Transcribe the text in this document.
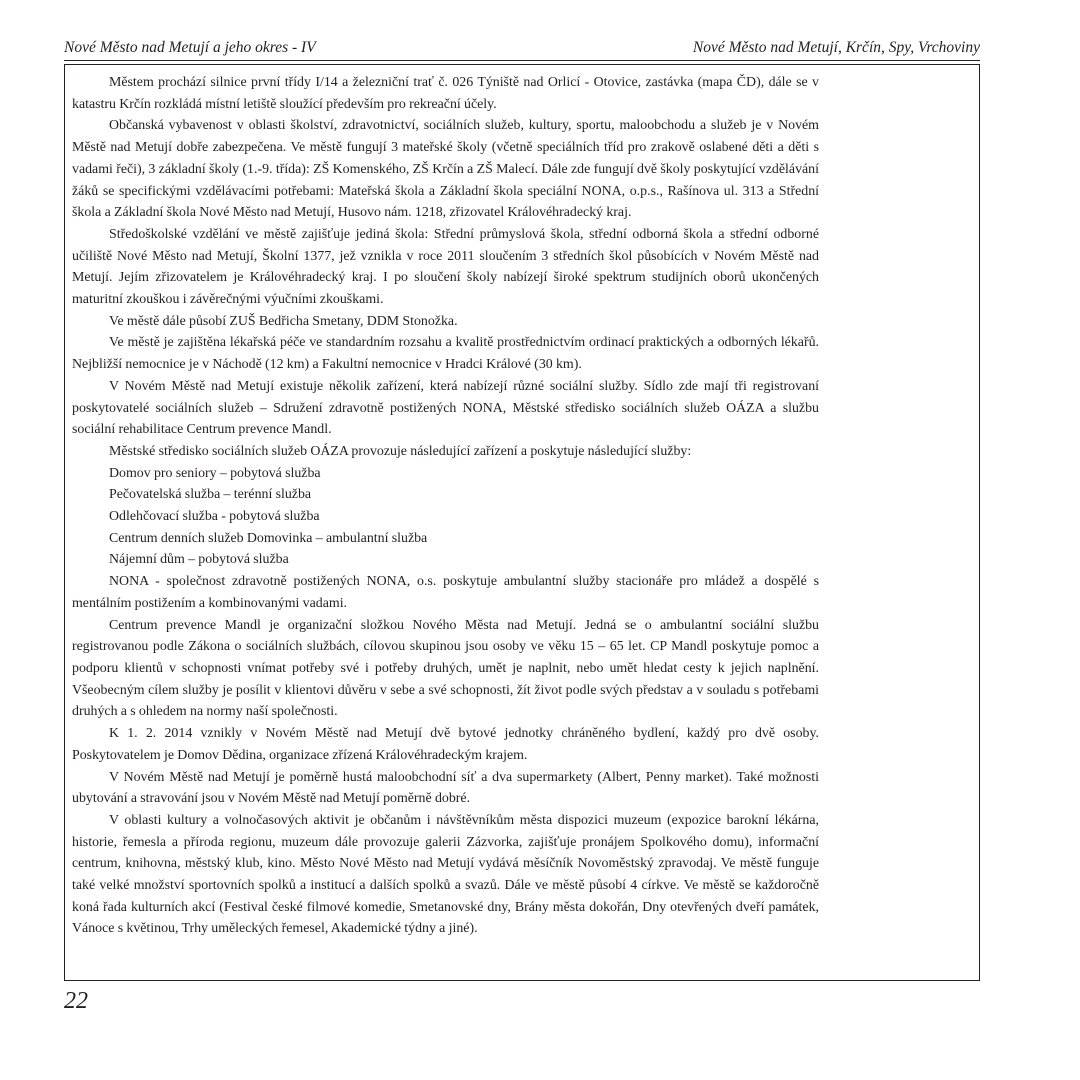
Nové Město nad Metují a jeho okres - IV	Nové Město nad Metují, Krčín, Spy, Vrchoviny

Městem prochází silnice první třídy I/14 a železniční trať č. 026 Týniště nad Orlicí - Otovice, zastávka (mapa ČD), dále se v katastru Krčín rozkládá místní letiště sloužící především pro rekreační účely.

Občanská vybavenost v oblasti školství, zdravotnictví, sociálních služeb, kultury, sportu, maloobchodu a služeb je v Novém Městě nad Metují dobře zabezpečena. Ve městě fungují 3 mateřské školy (včetně speciálních tříd pro zrakově oslabené děti a děti s vadami řeči), 3 základní školy (1.-9. třída): ZŠ Komenského, ZŠ Krčín a ZŠ Malecí. Dále zde fungují dvě školy poskytující vzdělávání žáků se specifickými vzdělávacími potřebami: Mateřská škola a Základní škola speciální NONA, o.p.s., Rašínova ul. 313 a Střední škola a Základní škola Nové Město nad Metují, Husovo nám. 1218, zřizovatel Královéhradecký kraj.

Středoškolské vzdělání ve městě zajišťuje jediná škola: Střední průmyslová škola, střední odborná škola a střední odborné učiliště Nové Město nad Metují, Školní 1377, jež vznikla v roce 2011 sloučením 3 středních škol působících v Novém Městě nad Metují. Jejím zřizovatelem je Královéhradecký kraj. I po sloučení školy nabízejí široké spektrum studijních oborů ukončených maturitní zkouškou i závěrečnými výučními zkouškami.

Ve městě dále působí ZUŠ Bedřicha Smetany, DDM Stonožka.

Ve městě je zajištěna lékařská péče ve standardním rozsahu a kvalitě prostřednictvím ordinací praktických a odborných lékařů. Nejbližší nemocnice je v Náchodě (12 km) a Fakultní nemocnice v Hradci Králové (30 km).

V Novém Městě nad Metují existuje několik zařízení, která nabízejí různé sociální služby. Sídlo zde mají tři registrovaní poskytovatelé sociálních služeb – Sdružení zdravotně postižených NONA, Městské středisko sociálních služeb OÁZA a službu sociální rehabilitace Centrum prevence Mandl.

Městské středisko sociálních služeb OÁZA provozuje následující zařízení a poskytuje následující služby:

Domov pro seniory – pobytová služba

Pečovatelská služba – terénní služba

Odlehčovací služba - pobytová služba

Centrum denních služeb Domovinka – ambulantní služba

Nájemní dům – pobytová služba

NONA - společnost zdravotně postižených NONA, o.s. poskytuje ambulantní služby stacionáře pro mládež a dospělé s mentálním postižením a kombinovanými vadami.

Centrum prevence Mandl je organizační složkou Nového Města nad Metují. Jedná se o ambulantní sociální službu registrovanou podle Zákona o sociálních službách, cílovou skupinou jsou osoby ve věku 15 – 65 let. CP Mandl poskytuje pomoc a podporu klientů v schopnosti vnímat potřeby své i potřeby druhých, umět je naplnit, nebo umět hledat cesty k jejich naplnění. Všeobecným cílem služby je posílit v klientovi důvěru v sebe a své schopnosti, žít život podle svých představ a v souladu s potřebami druhých a s ohledem na normy naší společnosti.

K 1. 2. 2014 vznikly v Novém Městě nad Metují dvě bytové jednotky chráněného bydlení, každý pro dvě osoby. Poskytovatelem je Domov Dědina, organizace zřízená Královéhradeckým krajem.

V Novém Městě nad Metují je poměrně hustá maloobchodní síť a dva supermarkety (Albert, Penny market). Také možnosti ubytování a stravování jsou v Novém Městě nad Metují poměrně dobré.

V oblasti kultury a volnočasových aktivit je občanům i návštěvníkům města dispozici muzeum (expozice barokní lékárna, historie, řemesla a příroda regionu, muzeum dále provozuje galerii Zázvorka, zajišťuje pronájem Spolkového domu), informační centrum, knihovna, městský klub, kino. Město Nové Město nad Metují vydává měsíčník Novoměstský zpravodaj. Ve městě funguje také velké množství sportovních spolků a institucí a dalších spolků a svazů. Dále ve městě působí 4 církve. Ve městě se každoročně koná řada kulturních akcí (Festival české filmové komedie, Smetanovské dny, Brány města dokořán, Dny otevřených dveří památek, Vánoce s květinou, Trhy uměleckých řemesel, Akademické týdny a jiné).

22
